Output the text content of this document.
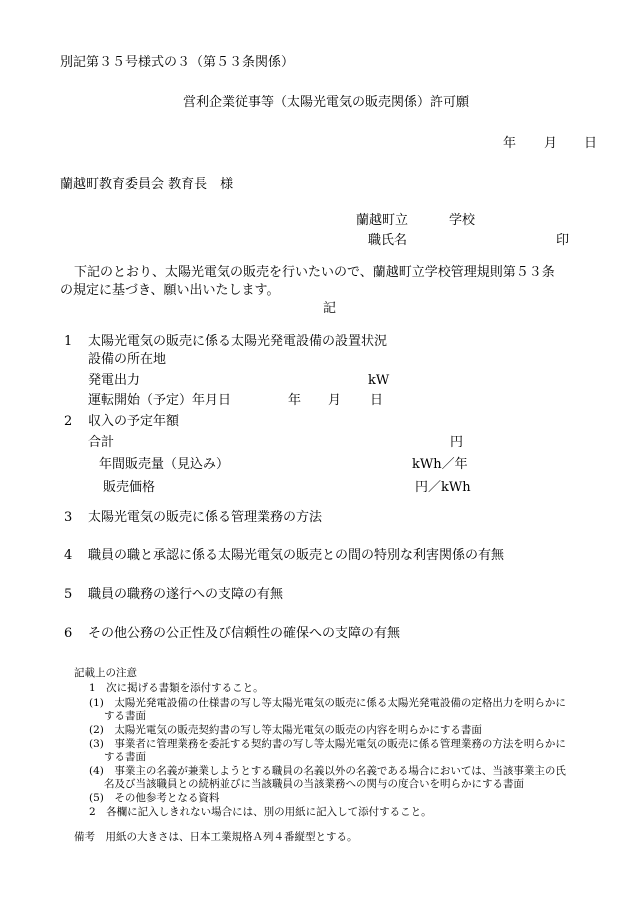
別記第３５号様式の３（第５３条関係）
営利企業従事等（太陽光電気の販売関係）許可願
年 月 日
蘭越町教育委員会 教育長　様
蘭越町立	学校
職氏名	印
下記のとおり、太陽光電気の販売を行いたいので、蘭越町立学校管理規則第５３条
の規定に基づき、願い出いたします。
記
1 太陽光電気の販売に係る太陽光発電設備の設置状況
設備の所在地
発電出力	kW
運転開始（予定）年月日	年 月 日
2 収入の予定年額
合計	円
年間販売量（見込み）	kWh／年
販売価格	円／kWh
3 太陽光電気の販売に係る管理業務の方法
4 職員の職と承認に係る太陽光電気の販売との間の特別な利害関係の有無
5 職員の職務の遂行への支障の有無
6 その他公務の公正性及び信頼性の確保への支障の有無
記載上の注意
1　次に掲げる書類を添付すること。
(1)　太陽光発電設備の仕様書の写し等太陽光電気の販売に係る太陽光発電設備の定格出力を明らかに
する書面
(2)　太陽光電気の販売契約書の写し等太陽光電気の販売の内容を明らかにする書面
(3)　事業者に管理業務を委託する契約書の写し等太陽光電気の販売に係る管理業務の方法を明らかに
する書面
(4)　事業主の名義が兼業しようとする職員の名義以外の名義である場合においては、当該事業主の氏
名及び当該職員との続柄並びに当該職員の当該業務への関与の度合いを明らかにする書面
(5)　その他参考となる資料
2　各欄に記入しきれない場合には、別の用紙に記入して添付すること。
備考　用紙の大きさは、日本工業規格Ａ列４番縦型とする。
